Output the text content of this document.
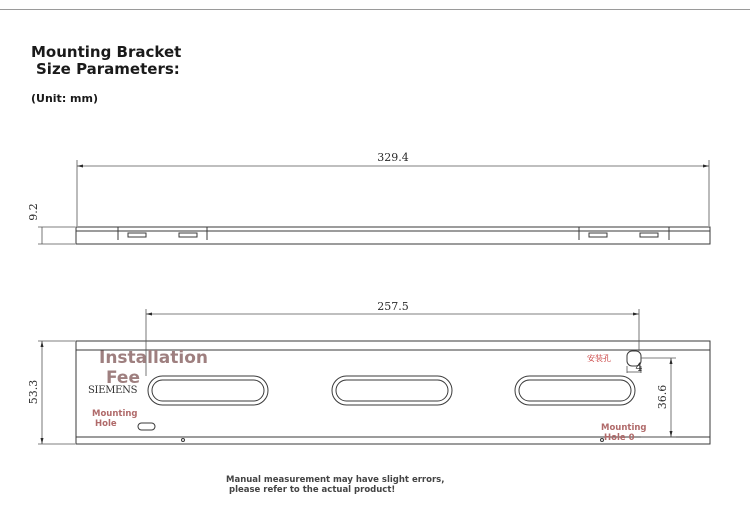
Mounting Bracket
Size Parameters:
(Unit: mm)
329.4
9.2
257.5
53.3	36.6
4
Installation
Fee
SIEMENS
Mounting
Hole	Mounting
Hole 0
安装孔
Manual measurement may have slight errors,
please refer to the actual product!
